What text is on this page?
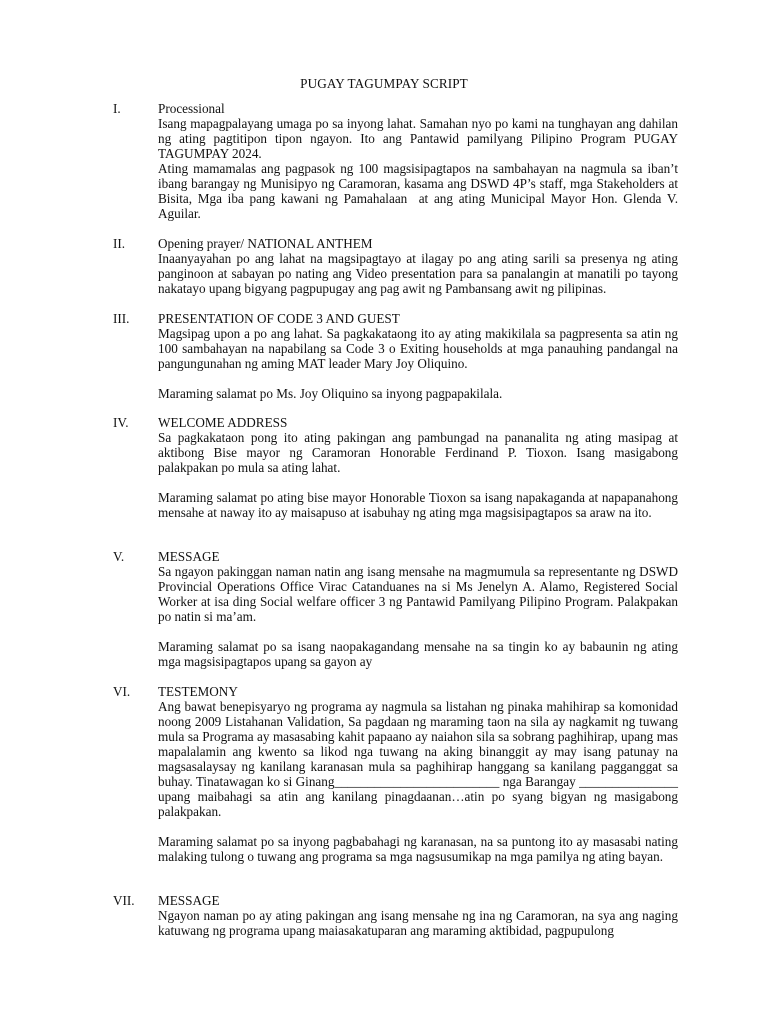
PUGAY TAGUMPAY SCRIPT
I.	Processional

Isang mapagpalayang umaga po sa inyong lahat. Samahan nyo po kami na tunghayan ang dahilan ng ating pagtitipon tipon ngayon. Ito ang Pantawid pamilyang Pilipino Program PUGAY TAGUMPAY 2024.

Ating mamamalas ang pagpasok ng 100 magsisipagtapos na sambahayan na nagmula sa iban’t ibang barangay ng Munisipyo ng Caramoran, kasama ang DSWD 4P’s staff, mga Stakeholders at Bisita, Mga iba pang kawani ng Pamahalaan  at ang ating Municipal Mayor Hon. Glenda V. Aguilar.

II. Opening prayer/ NATIONAL ANTHEM

Inaanyayahan po ang lahat na magsipagtayo at ilagay po ang ating sarili sa presenya ng ating panginoon at sabayan po nating ang Video presentation para sa panalangin at manatili po tayong nakatayo upang bigyang pagpupugay ang pag awit ng Pambansang awit ng pilipinas.

III. PRESENTATION OF CODE 3 AND GUEST

Magsipag upon a po ang lahat. Sa pagkakataong ito ay ating makikilala sa pagpresenta sa atin ng 100 sambahayan na napabilang sa Code 3 o Exiting households at mga panauhing pandangal na pangungunahan ng aming MAT leader Mary Joy Oliquino.

Maraming salamat po Ms. Joy Oliquino sa inyong pagpapakilala.

IV. WELCOME ADDRESS

Sa pagkakataon pong ito ating pakingan ang pambungad na pananalita ng ating masipag at aktibong Bise mayor ng Caramoran Honorable Ferdinand P. Tioxon. Isang masigabong palakpakan po mula sa ating lahat.

Maraming salamat po ating bise mayor Honorable Tioxon sa isang napakaganda at napapanahong mensahe at naway ito ay maisapuso at isabuhay ng ating mga magsisipagtapos sa araw na ito.

V.	MESSAGE

Sa ngayon pakinggan naman natin ang isang mensahe na magmumula sa representante ng DSWD Provincial Operations Office Virac Catanduanes na si Ms Jenelyn A. Alamo, Registered Social Worker at isa ding Social welfare officer 3 ng Pantawid Pamilyang Pilipino Program. Palakpakan po natin si ma’am.

Maraming salamat po sa isang naopakagandang mensahe na sa tingin ko ay babaunin ng ating mga magsisipagtapos upang sa gayon ay

VI. TESTEMONY

Ang bawat benepisyaryo ng programa ay nagmula sa listahan ng pinaka mahihirap sa komonidad noong 2009 Listahanan Validation, Sa pagdaan ng maraming taon na sila ay nagkamit ng tuwang mula sa Programa ay masasabing kahit papaano ay naiahon sila sa sobrang paghihirap, upang mas mapalalamin ang kwento sa likod nga tuwang na aking binanggit ay may isang patunay na magsasalaysay ng kanilang karanasan mula sa paghihirap hanggang sa kanilang pagganggat sa buhay. Tinatawagan ko si Ginang_________________________ nga Barangay _______________ upang maibahagi sa atin ang kanilang pinagdaanan…atin po syang bigyan ng masigabong palakpakan.

Maraming salamat po sa inyong pagbabahagi ng karanasan, na sa puntong ito ay masasabi nating malaking tulong o tuwang ang programa sa mga nagsusumikap na mga pamilya ng ating bayan.

VII. MESSAGE

Ngayon naman po ay ating pakingan ang isang mensahe ng ina ng Caramoran, na sya ang naging katuwang ng programa upang maiasakatuparan ang maraming aktibidad, pagpupulong
